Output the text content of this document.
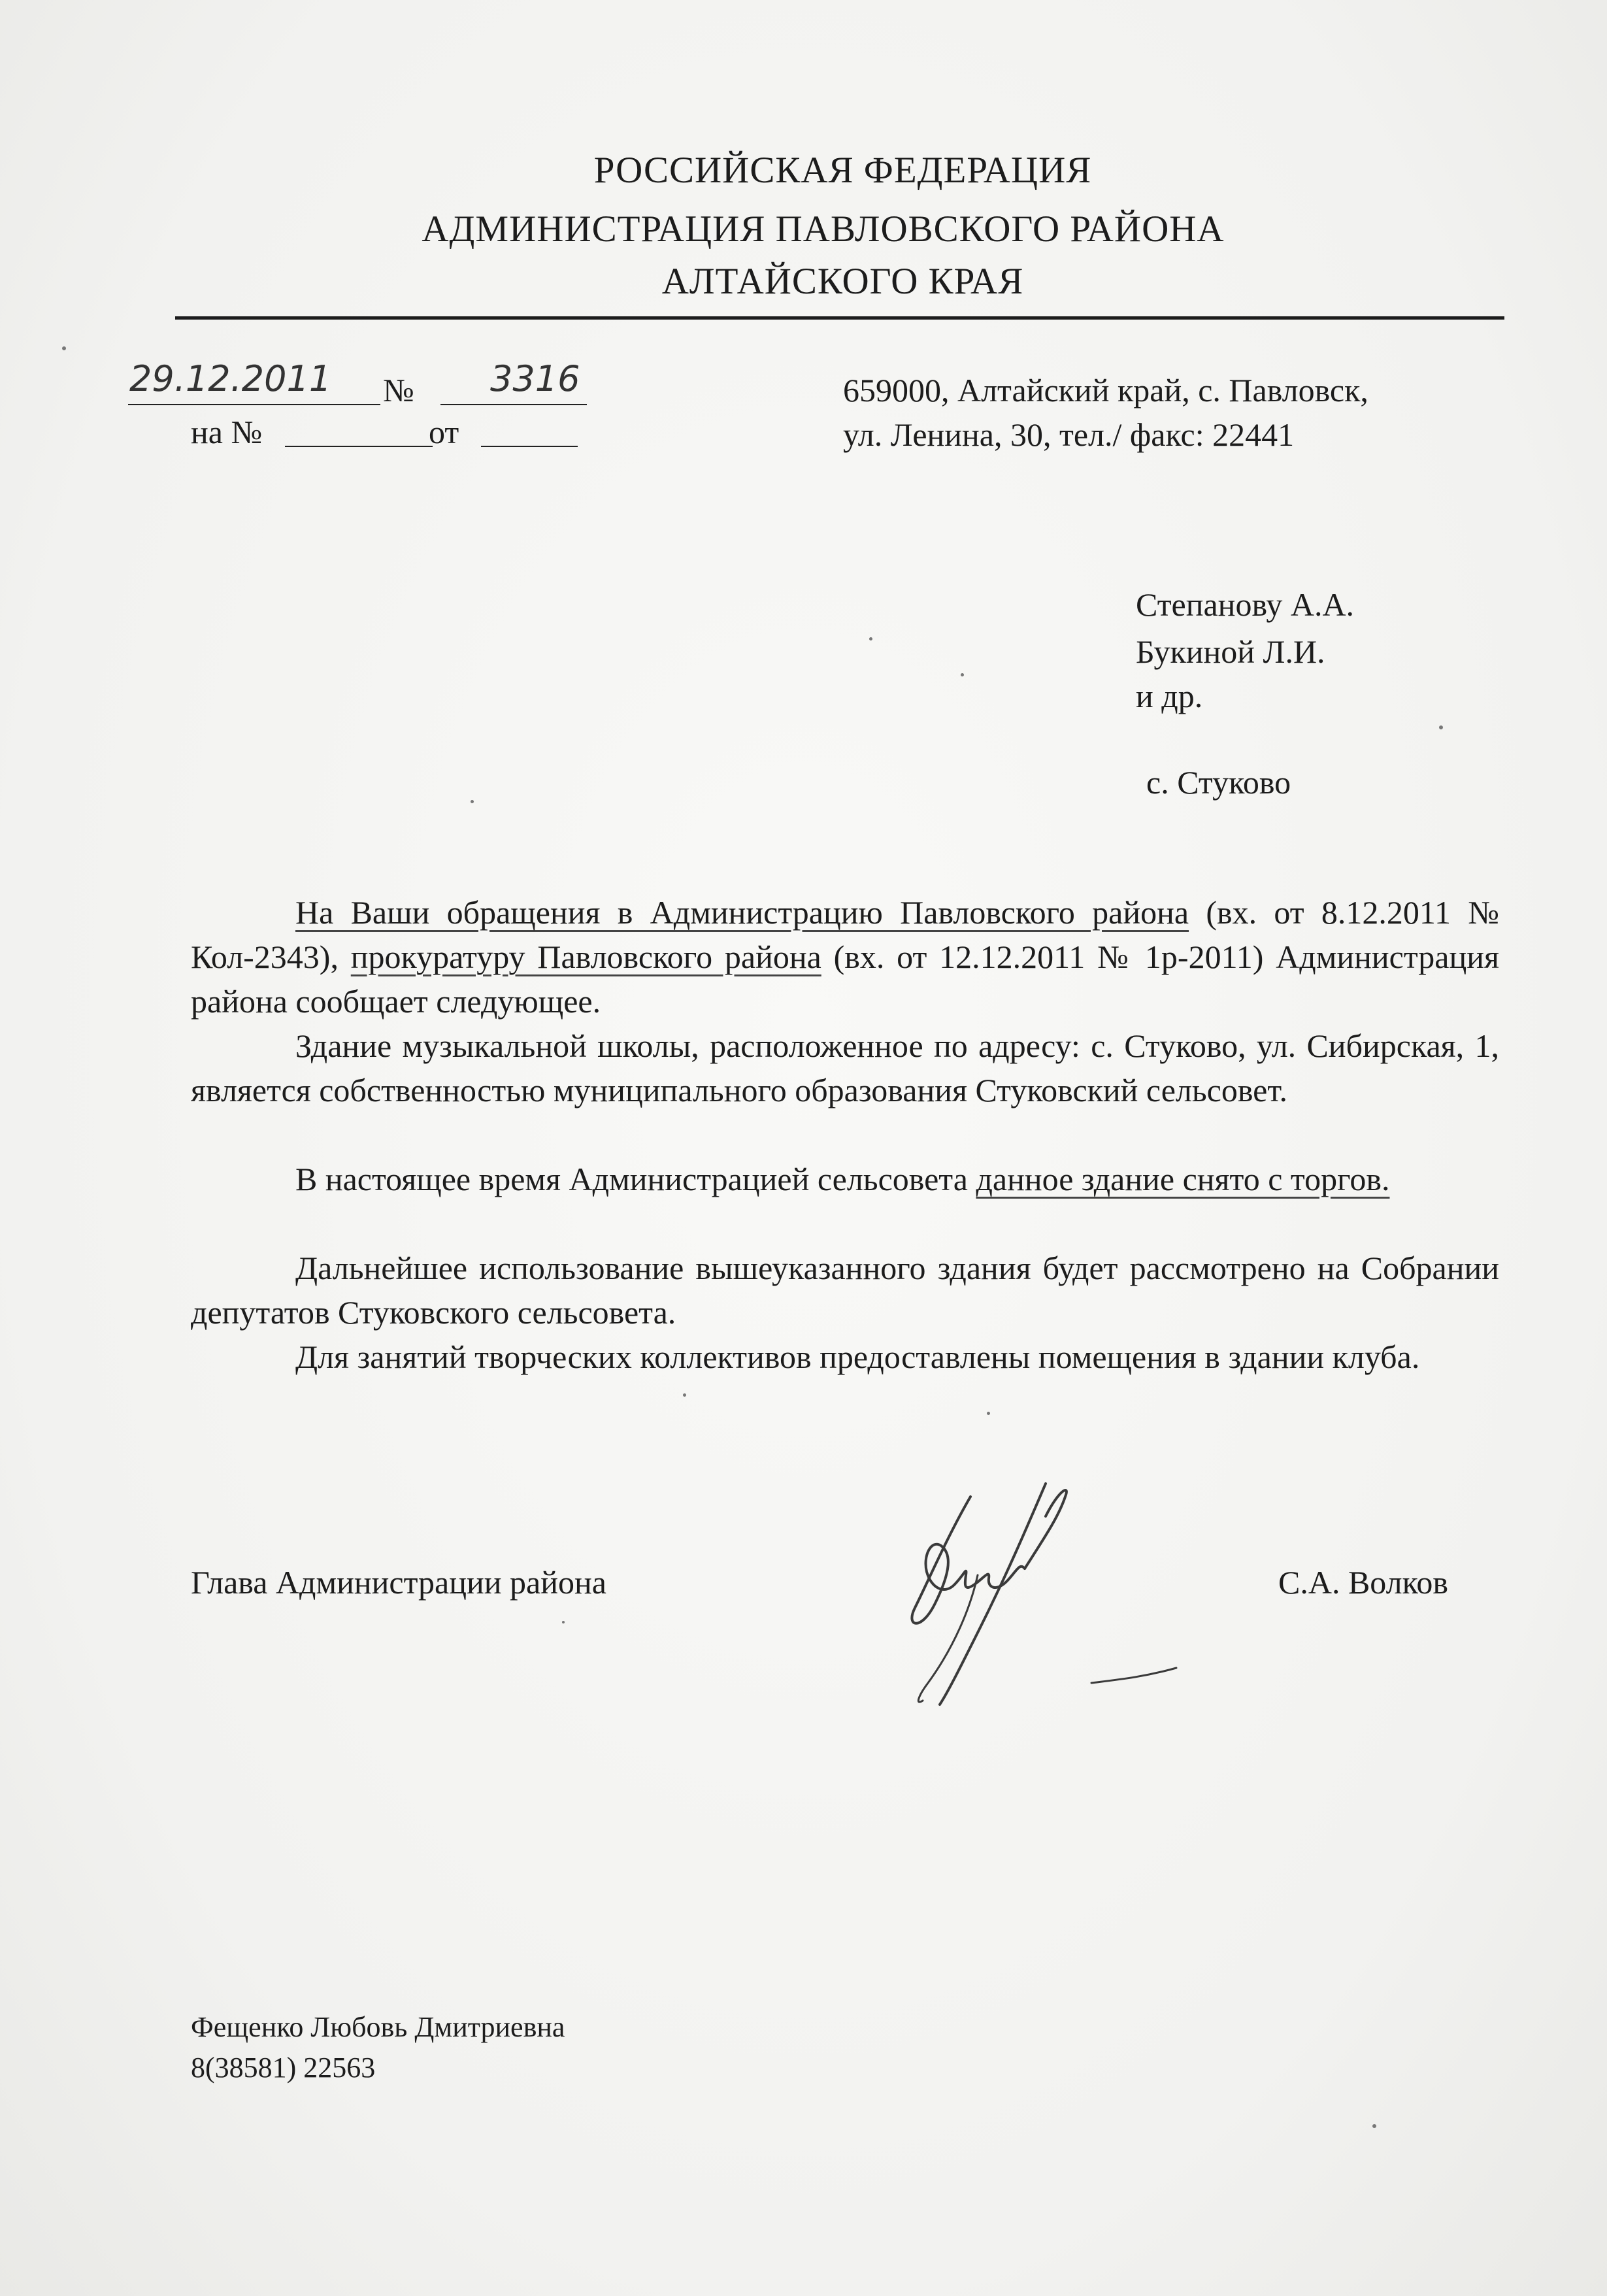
РОССИЙСКАЯ ФЕДЕРАЦИЯ
АДМИНИСТРАЦИЯ ПАВЛОВСКОГО РАЙОНА
АЛТАЙСКОГО КРАЯ
29.12.2011 № 3316
на №	от
659000, Алтайский край, с. Павловск,
ул. Ленина, 30, тел./ факс: 22441
Степанову А.А.
Букиной Л.И.
и др.
с. Стуково
На Ваши обращения в Администрацию Павловского района (вх. от 8.12.2011 № Кол-2343), прокуратуру Павловского района (вх. от 12.12.2011 № 1р-2011) Администрация района сообщает следующее.
Здание музыкальной школы, расположенное по адресу: с. Стуково, ул. Сибирская, 1, является собственностью муниципального образования Стуковский сельсовет.
В настоящее время Администрацией сельсовета данное здание снято с торгов.
Дальнейшее использование вышеуказанного здания будет рассмотрено на Собрании депутатов Стуковского сельсовета.
Для занятий творческих коллективов предоставлены помещения в здании клуба.
Глава Администрации района	С.А. Волков
Фещенко Любовь Дмитриевна
8(38581) 22563
